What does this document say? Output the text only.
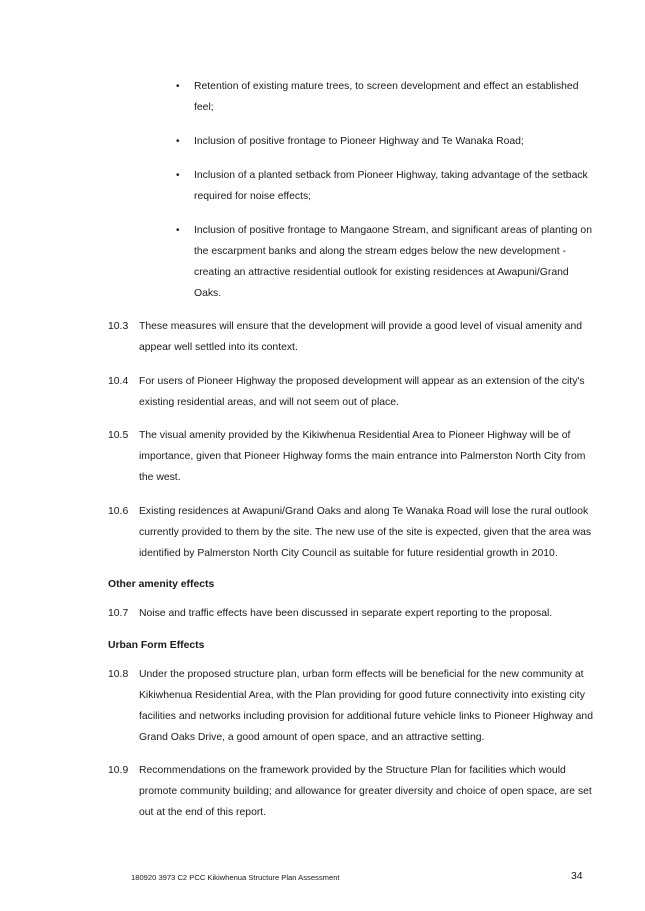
• Retention of existing mature trees, to screen development and effect an established feel;
• Inclusion of positive frontage to Pioneer Highway and Te Wanaka Road;
• Inclusion of a planted setback from Pioneer Highway, taking advantage of the setback required for noise effects;
• Inclusion of positive frontage to Mangaone Stream, and significant areas of planting on the escarpment banks and along the stream edges below the new development - creating an attractive residential outlook for existing residences at Awapuni/Grand Oaks.
10.3 These measures will ensure that the development will provide a good level of visual amenity and appear well settled into its context.
10.4 For users of Pioneer Highway the proposed development will appear as an extension of the city's existing residential areas, and will not seem out of place.
10.5 The visual amenity provided by the Kikiwhenua Residential Area to Pioneer Highway will be of importance, given that Pioneer Highway forms the main entrance into Palmerston North City from the west.
10.6 Existing residences at Awapuni/Grand Oaks and along Te Wanaka Road will lose the rural outlook currently provided to them by the site. The new use of the site is expected, given that the area was identified by Palmerston North City Council as suitable for future residential growth in 2010.
Other amenity effects
10.7 Noise and traffic effects have been discussed in separate expert reporting to the proposal.
Urban Form Effects
10.8 Under the proposed structure plan, urban form effects will be beneficial for the new community at Kikiwhenua Residential Area, with the Plan providing for good future connectivity into existing city facilities and networks including provision for additional future vehicle links to Pioneer Highway and Grand Oaks Drive, a good amount of open space, and an attractive setting.
10.9 Recommendations on the framework provided by the Structure Plan for facilities which would promote community building; and allowance for greater diversity and choice of open space, are set out at the end of this report.
180920 3973 C2 PCC Kikiwhenua Structure Plan Assessment	34
